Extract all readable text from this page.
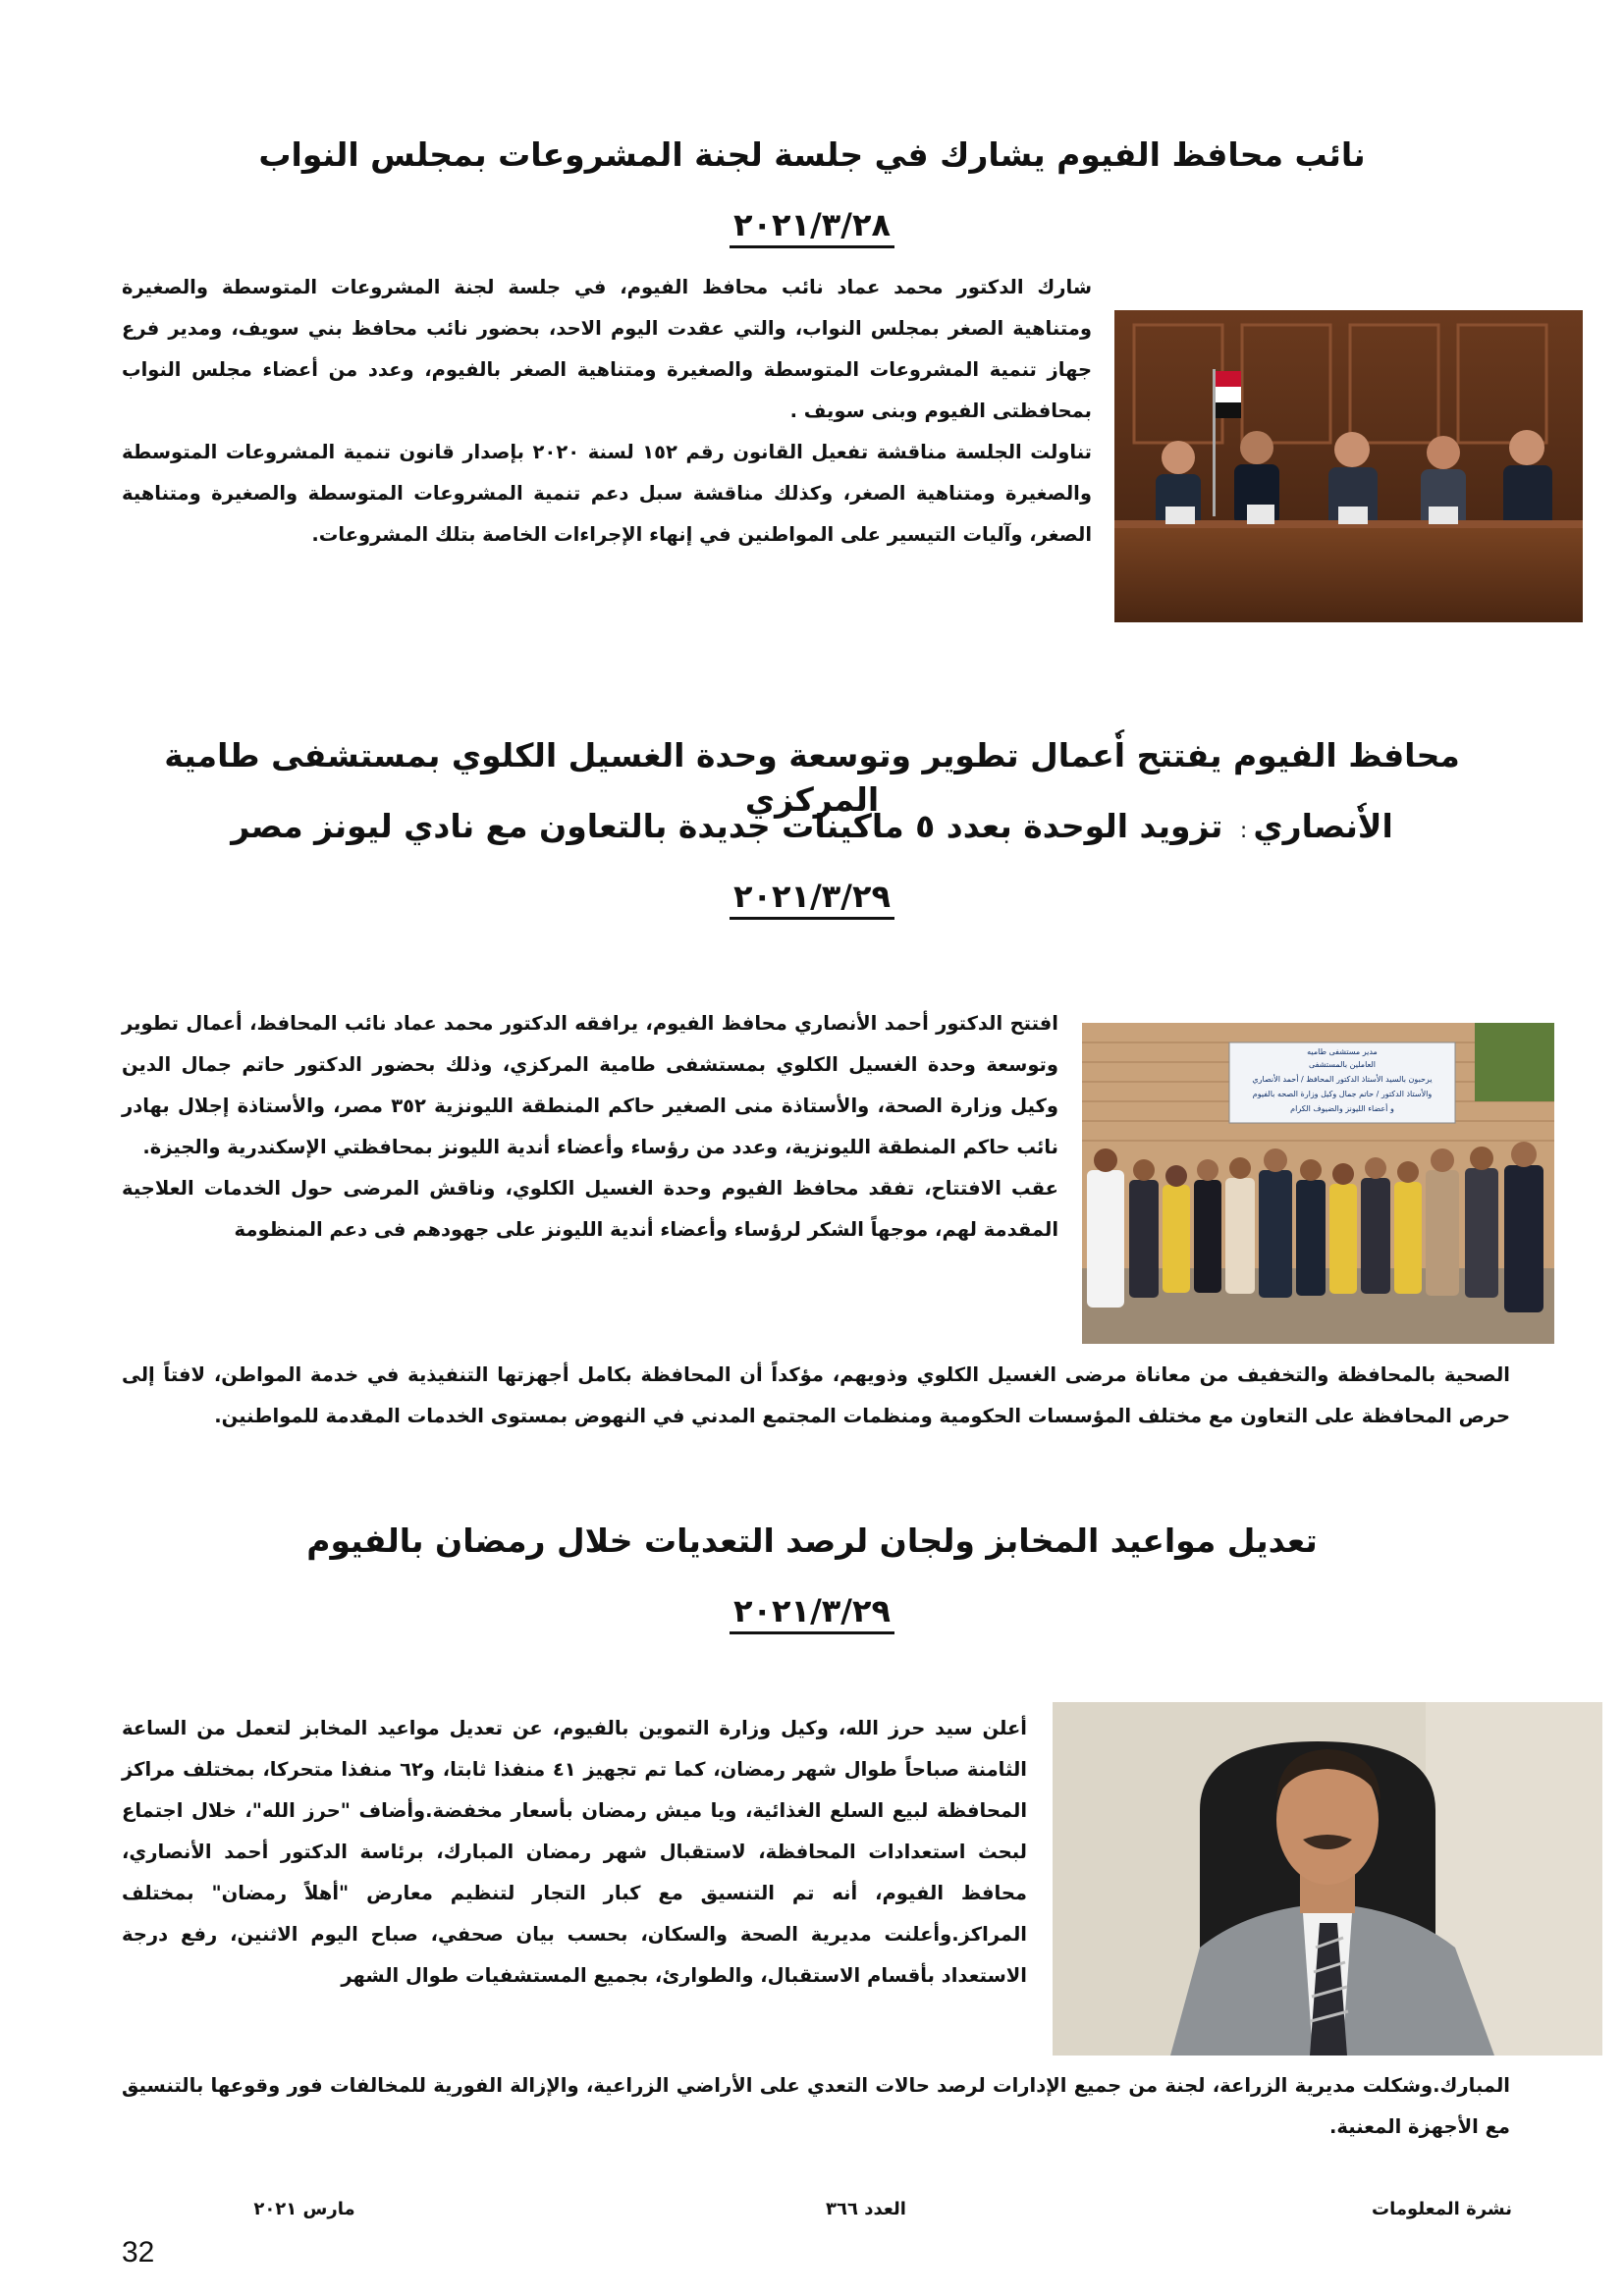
نائب محافظ الفيوم يشارك في جلسة لجنة المشروعات بمجلس النواب
٢٠٢١/٣/٢٨

شارك الدكتور محمد عماد نائب محافظ الفيوم، في جلسة لجنة المشروعات المتوسطة والصغيرة ومتناهية الصغر بمجلس النواب، والتي عقدت اليوم الاحد، بحضور نائب محافظ بني سويف، ومدير فرع جهاز تنمية المشروعات المتوسطة والصغيرة ومتناهية الصغر بالفيوم، وعدد من أعضاء مجلس النواب بمحافظتى الفيوم وبنى سويف .

تناولت الجلسة مناقشة تفعيل القانون رقم ١٥٢ لسنة ٢٠٢٠ بإصدار قانون تنمية المشروعات المتوسطة والصغيرة ومتناهية الصغر، وكذلك مناقشة سبل دعم تنمية المشروعات المتوسطة والصغيرة ومتناهية الصغر، وآليات التيسير على المواطنين في إنهاء الإجراءات الخاصة بتلك المشروعات.

محافظ الفيوم يفتتح اٗعمال تطوير وتوسعة وحدة الغسيل الكلوي بمستشفى طامية المركزي
الاٗنصاري: تزويد الوحدة بعدد ٥ ماكينات جديدة بالتعاون مع نادي ليونز مصر
٢٠٢١/٣/٢٩

افتتح الدكتور أحمد الأنصاري محافظ الفيوم، يرافقه الدكتور محمد عماد نائب المحافظ، أعمال تطوير وتوسعة وحدة الغسيل الكلوي بمستشفى طامية المركزي، وذلك بحضور الدكتور حاتم جمال الدين وكيل وزارة الصحة، والأستاذة منى الصغير حاكم المنطقة الليونزية ٣٥٢ مصر، والأستاذة إجلال بهادر نائب حاكم المنطقة الليونزية، وعدد من رؤساء وأعضاء أندية الليونز بمحافظتي الإسكندرية والجيزة.

عقب الافتتاح، تفقد محافظ الفيوم وحدة الغسيل الكلوي، وناقش المرضى حول الخدمات العلاجية المقدمة لهم، موجهاً الشكر لرؤساء وأعضاء أندية الليونز على جهودهم فى دعم المنظومة

الصحية بالمحافظة والتخفيف من معاناة مرضى الغسيل الكلوي وذويهم، مؤكداً أن المحافظة بكامل أجهزتها التنفيذية في خدمة المواطن، لافتاً إلى حرص المحافظة على التعاون مع مختلف المؤسسات الحكومية ومنظمات المجتمع المدني في النهوض بمستوى الخدمات المقدمة للمواطنين.

مدير مستشفى طاميه
العاملين بالمستشفى
يرحبون بالسيد الأستاذ الدكتور المحافظ / أحمد الأنصاري
والأستاذ الدكتور / حاتم جمال وكيل وزارة الصحه بالفيوم
و أعضاء الليونز والضيوف الكرام
تعديل مواعيد المخابز ولجان لرصد التعديات خلال رمضان بالفيوم
٢٠٢١/٣/٢٩

أعلن سيد حرز الله، وكيل وزارة التموين بالفيوم، عن تعديل مواعيد المخابز لتعمل من الساعة الثامنة صباحاً طوال شهر رمضان، كما تم تجهيز ٤١ منفذا ثابتا، و٦٢ منفذا متحركا، بمختلف مراكز المحافظة لبيع السلع الغذائية، ويا ميش رمضان بأسعار مخفضة.وأضاف "حرز الله"، خلال اجتماع لبحث استعدادات المحافظة، لاستقبال شهر رمضان المبارك، برئاسة الدكتور أحمد الأنصاري، محافظ الفيوم، أنه تم التنسيق مع كبار التجار لتنظيم معارض "أهلاً رمضان" بمختلف المراكز.وأعلنت مديرية الصحة والسكان، بحسب بيان صحفي، صباح اليوم الاثنين، رفع درجة الاستعداد بأقسام الاستقبال، والطوارئ، بجميع المستشفيات طوال الشهر

المبارك.وشكلت مديرية الزراعة، لجنة من جميع الإدارات لرصد حالات التعدي على الأراضي الزراعية، والإزالة الفورية للمخالفات فور وقوعها بالتنسيق مع الأجهزة المعنية.

نشرة المعلومات
العدد ٣٦٦
مارس ٢٠٢١
32
